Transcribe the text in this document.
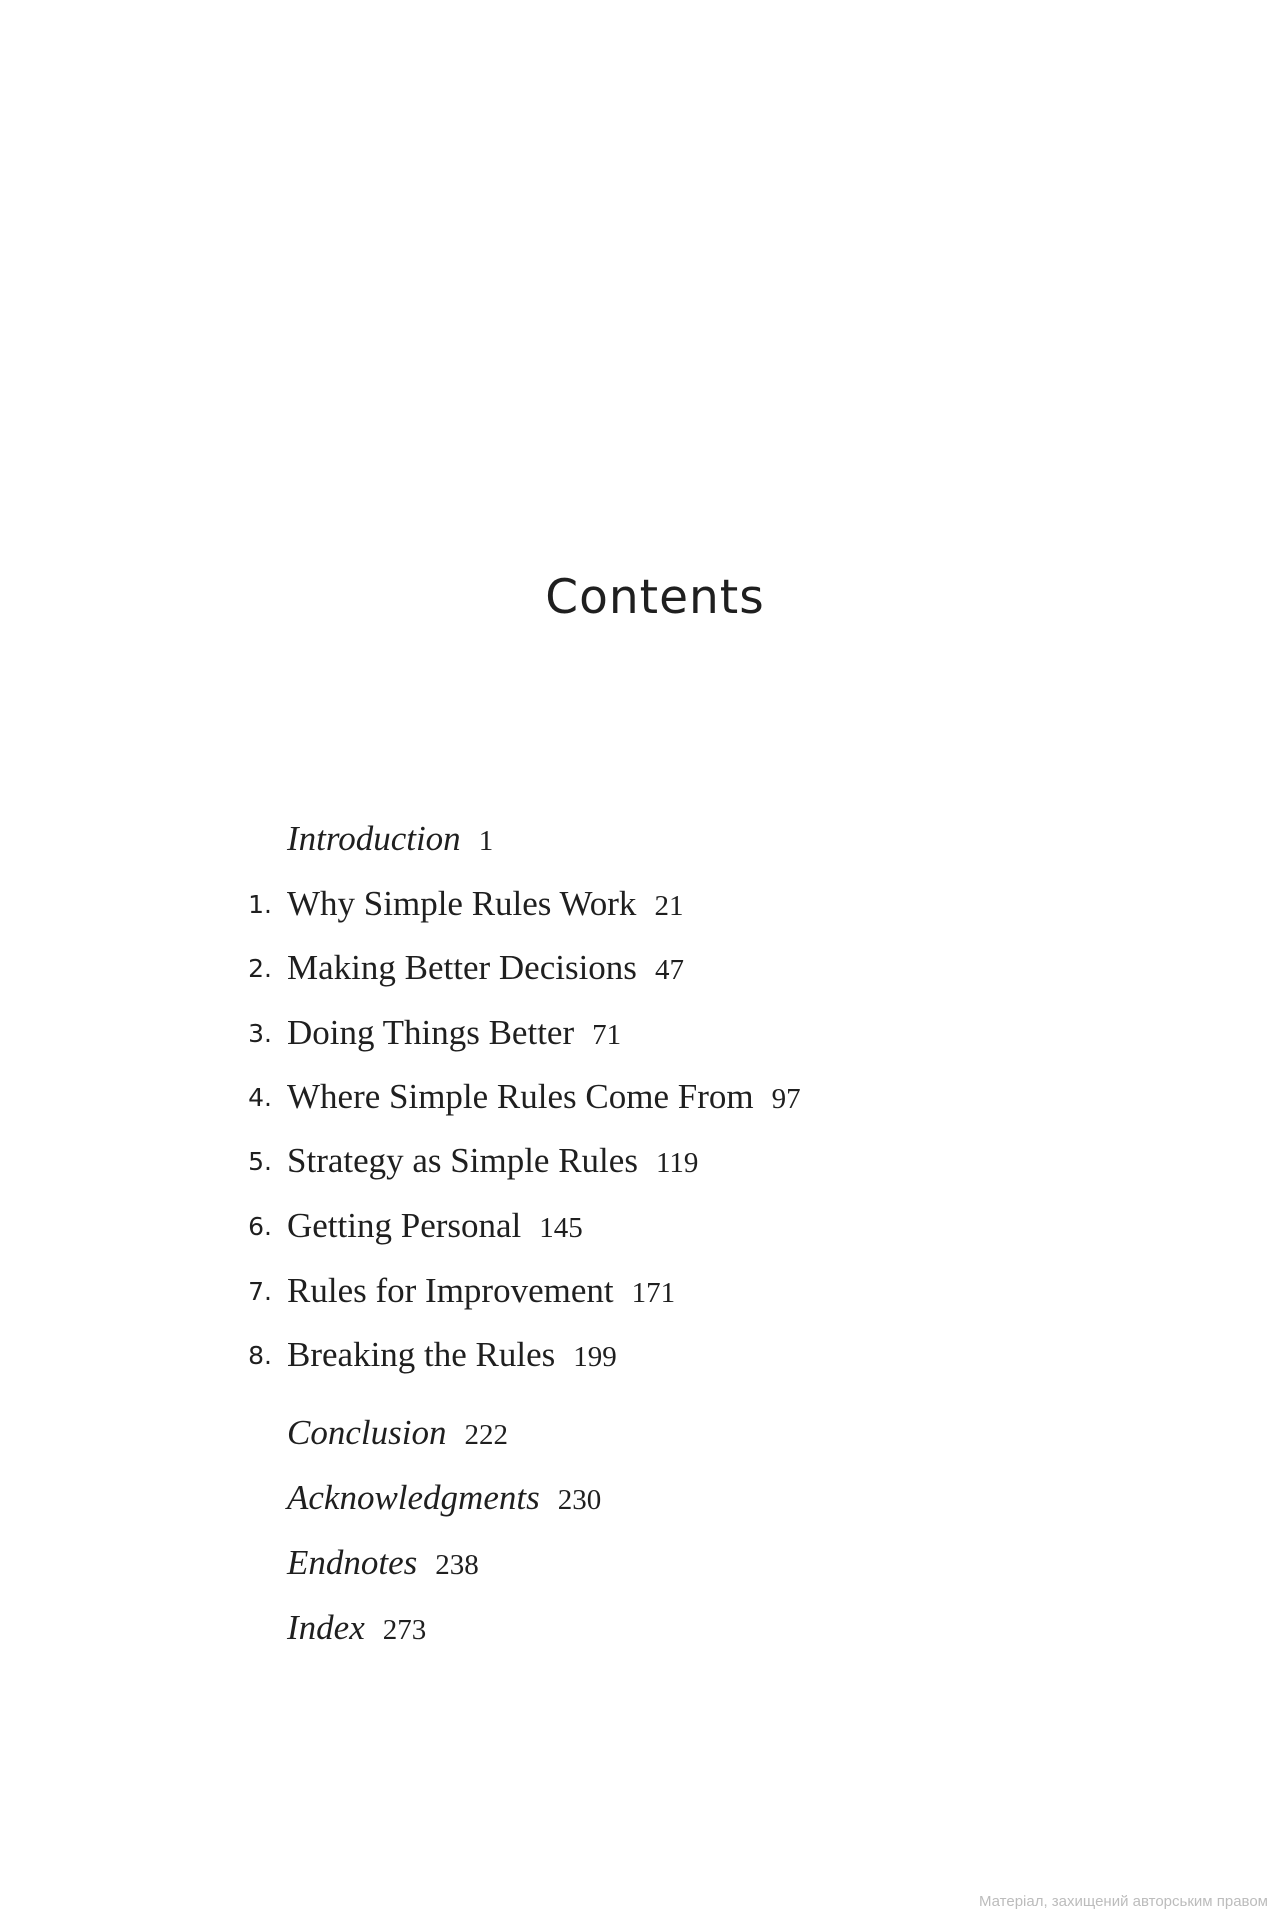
Contents
Introduction 1
1. Why Simple Rules Work 21
2. Making Better Decisions 47
3. Doing Things Better 71
4. Where Simple Rules Come From 97
5. Strategy as Simple Rules 119
6. Getting Personal 145
7. Rules for Improvement 171
8. Breaking the Rules 199
Conclusion 222
Acknowledgments 230
Endnotes 238
Index 273
Матеріал, захищений авторським правом
